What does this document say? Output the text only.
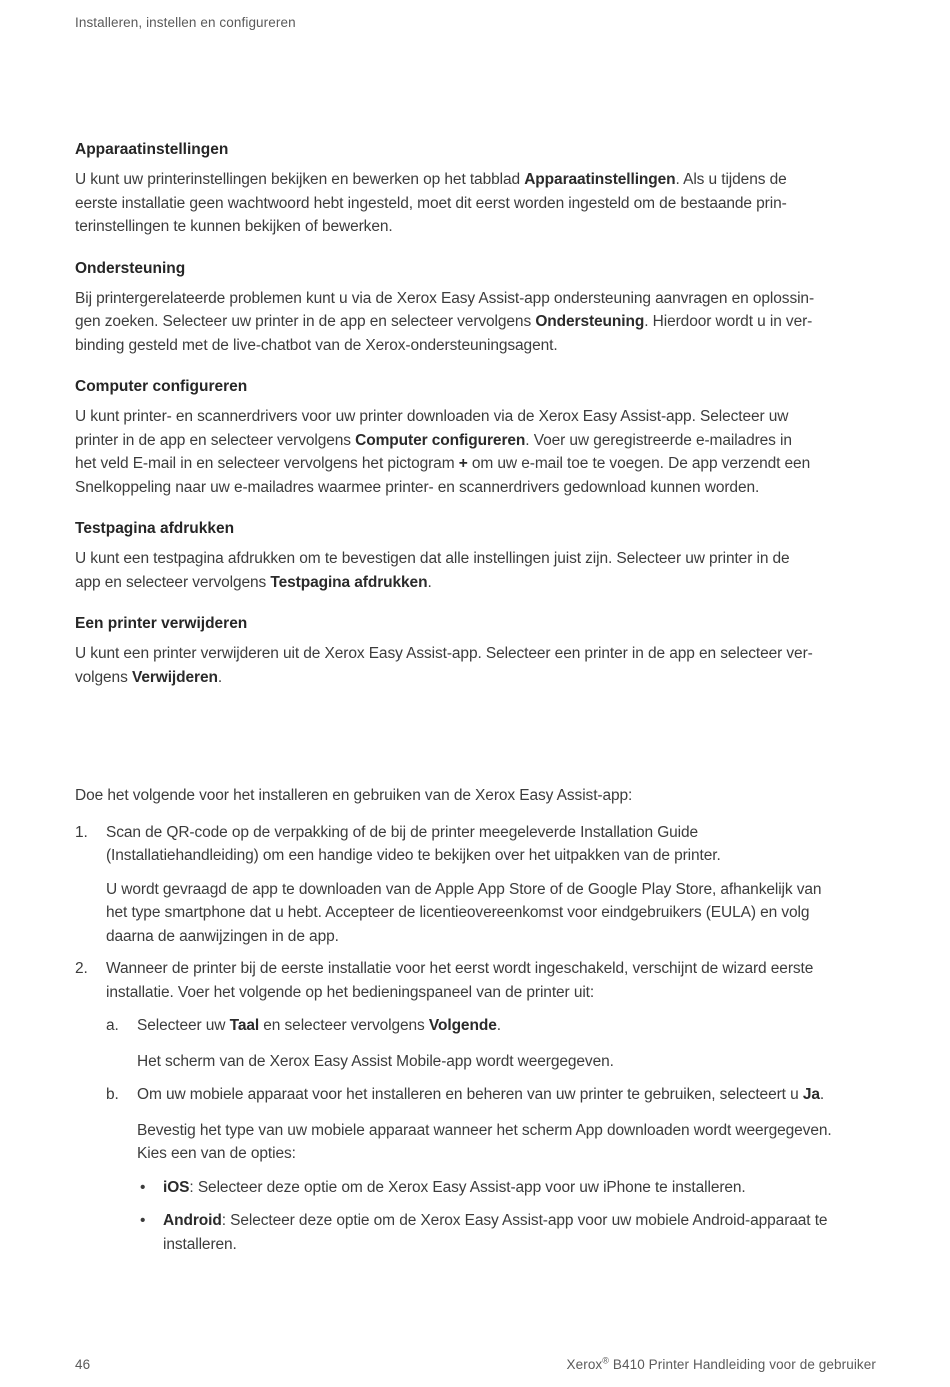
Installeren, instellen en configureren
Apparaatinstellingen
U kunt uw printerinstellingen bekijken en bewerken op het tabblad Apparaatinstellingen. Als u tijdens de
eerste installatie geen wachtwoord hebt ingesteld, moet dit eerst worden ingesteld om de bestaande prin-
terinstellingen te kunnen bekijken of bewerken.
Ondersteuning
Bij printergerelateerde problemen kunt u via de Xerox Easy Assist-app ondersteuning aanvragen en oplossin-
gen zoeken. Selecteer uw printer in de app en selecteer vervolgens Ondersteuning. Hierdoor wordt u in ver-
binding gesteld met de live-chatbot van de Xerox-ondersteuningsagent.
Computer configureren
U kunt printer- en scannerdrivers voor uw printer downloaden via de Xerox Easy Assist-app. Selecteer uw
printer in de app en selecteer vervolgens Computer configureren. Voer uw geregistreerde e-mailadres in
het veld E-mail in en selecteer vervolgens het pictogram + om uw e-mail toe te voegen. De app verzendt een
Snelkoppeling naar uw e-mailadres waarmee printer- en scannerdrivers gedownload kunnen worden.
Testpagina afdrukken
U kunt een testpagina afdrukken om te bevestigen dat alle instellingen juist zijn. Selecteer uw printer in de
app en selecteer vervolgens Testpagina afdrukken.
Een printer verwijderen
U kunt een printer verwijderen uit de Xerox Easy Assist-app. Selecteer een printer in de app en selecteer ver-
volgens Verwijderen.
Doe het volgende voor het installeren en gebruiken van de Xerox Easy Assist-app:
1.	Scan de QR-code op de verpakking of de bij de printer meegeleverde Installation Guide
(Installatiehandleiding) om een handige video te bekijken over het uitpakken van de printer.
U wordt gevraagd de app te downloaden van de Apple App Store of de Google Play Store, afhankelijk van
het type smartphone dat u hebt. Accepteer de licentieovereenkomst voor eindgebruikers (EULA) en volg
daarna de aanwijzingen in de app.
2.	Wanneer de printer bij de eerste installatie voor het eerst wordt ingeschakeld, verschijnt de wizard eerste
installatie. Voer het volgende op het bedieningspaneel van de printer uit:
a.	Selecteer uw Taal en selecteer vervolgens Volgende.
Het scherm van de Xerox Easy Assist Mobile-app wordt weergegeven.
b.	Om uw mobiele apparaat voor het installeren en beheren van uw printer te gebruiken, selecteert u Ja.
Bevestig het type van uw mobiele apparaat wanneer het scherm App downloaden wordt weergegeven.
Kies een van de opties:
•	iOS: Selecteer deze optie om de Xerox Easy Assist-app voor uw iPhone te installeren.
•	Android: Selecteer deze optie om de Xerox Easy Assist-app voor uw mobiele Android-apparaat te
installeren.
46	Xerox® B410 Printer Handleiding voor de gebruiker
